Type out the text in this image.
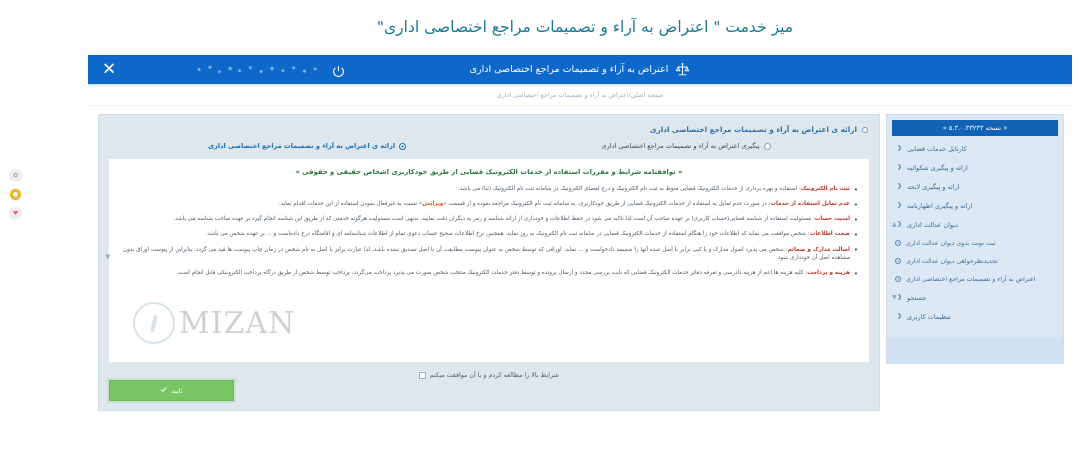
میز خدمت " اعتراض به آراء و تصمیمات مراجع اختصاصی اداری"
اعتراض به آراء و تصمیمات مراجع اختصاصی اداری
✕
صفحه اصلی
/
اعتراض به آراء و تصمیمات مراجع اختصاصی اداری
« نسخه ۵.۳.۰.۳۳۲۳۳ »
کارتابل خدمات قضایی
❮
ارائه و پیگیری شکوائیه
❮
ارائه و پیگیری لایحه
❮
ارائه و پیگیری اظهارنامه
❮
دیوان عدالت اداری
❮
▲
ثبت نوبت بدوی دیوان عدالت اداری
تجدیدنظرخواهی دیوان عدالت اداری
اعتراض به آراء و تصمیمات مراجع اختصاصی اداری
جستجو
❮
▼
تنظیمات کاربری
❮
ارائه ی اعتراض به آراء و تصمیمات مراجع اختصاصی اداری
پیگیری اعتراض به آراء و تصمیمات مراجع اختصاصی اداری
ارائه ی اعتراض به آراء و تصمیمات مراجع اختصاصی اداری
« توافقنامه شرایط و مقررات استفاده از خدمات الکترونیک قضایی از طریق خودکاربری اشخاص حقیقی و حقوقی »
• ثبت نام الکترونیک: استفاده و بهره برداری از خدمات الکترونیک قضایی منوط به ثبت نام الکترونیک و درج امضای الکترونیک در سامانه ثبت نام الکترونیک (ثنا) می باشد.
• عدم تمایل استفاده از خدمات: در صورت عدم تمایل به استفاده از خدمات الکترونیک قضایی از طریق خودکاربری، به سامانه ثبت نام الکترونیک مراجعه نموده و از قسمت «ویرایش» نسبت به غیرفعال نمودن استفاده از این خدمات اقدام نماید.
• امنیت حساب: مسئولیت استفاده از شناسه قضایی(حساب کاربری) بر عهده صاحب آن است لذا تاکید می شود در حفظ اطلاعات و خودداری از ارائه شناسه و رمز به دیگران دقت نمایید. بدیهی است مسئولیت هرگونه خدمتی که از طریق این شناسه انجام گیرد بر عهده صاحب شناسه می باشد.
• صحت اطلاعات: شخص موافقت می نماید که اطلاعات خود را هنگام استفاده از خدمات الکترونیک قضایی در سامانه ثبت نام الکترونیک به روز نماید. همچنین نرخ اطلاعات صحیح حساب دعوی تمام از اطلاعات شناسنامه ای و اقامتگاه درج داده‌است و ... بر عهده شخص می باشد.
• اصالت مدارک و ضمائم: شخص می پذیرد اصول مدارک و یا کپی برابر با اصل شده آنها را ضمیمه دادخواست و ... نماید. اوراقی که توسط شخص به عنوان پیوست مطابقت آن با اصل تصدیق نشده باشد، لذا عبارت برابر با اصل به نام شخص در زمان چاپ پیوست ها قید می گردد. بنابراین از پیوست اوراق بدون مشاهده اصل آن خودداری شود.
• هزینه و پرداخت: کلیه هزینه ها اعم از هزینه دادرسی و تعرفه دفاتر خدمات الکترونیک قضایی که بابت بررسی مجدد و ارسال پرونده و توسط دفتر خدمات الکترونیک منتخب شخص صورت می پذیرد پرداخت می‌گردد، پرداخت توسط شخص از طریق درگاه پرداخت الکترونیکی قابل انجام است.
MIZAN
شرایط بالا را مطالعه کردم و با آن موافقت میکنم
تایید
▼
✿
●
♥
